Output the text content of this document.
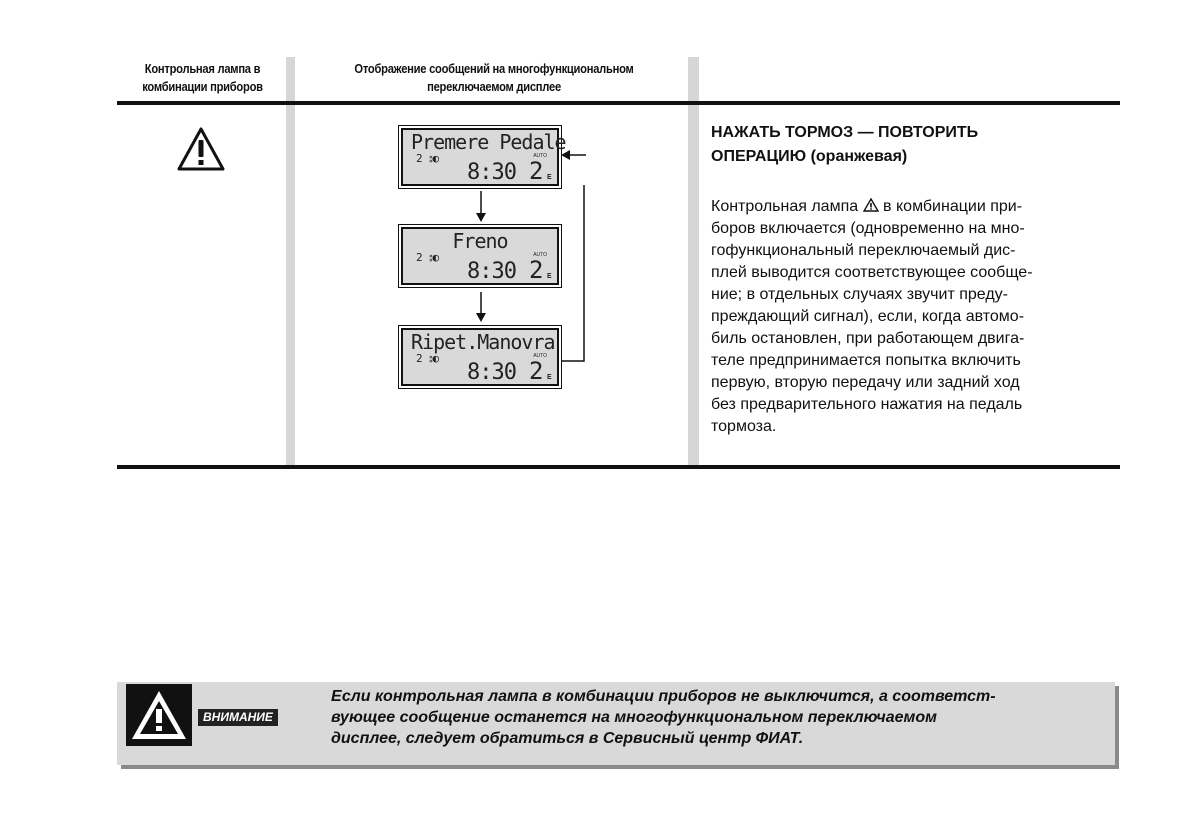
Контрольная лампа в
комбинации приборов
Отображение сообщений на многофункциональном
переключаемом дисплее
Premere Pedale
2 ⦂◐	AUTO
8:30 2 E
Freno
2 ⦂◐	AUTO
8:30 2 E
Ripet.Manovra
2 ⦂◐	AUTO
8:30 2 E
НАЖАТЬ ТОРМОЗ — ПОВТОРИТЬ
ОПЕРАЦИЮ (оранжевая)
Контрольная лампа  в комбинации при-
боров включается (одновременно на мно-
гофункциональный переключаемый дис-
плей выводится соответствующее сообще-
ние; в отдельных случаях звучит преду-
преждающий сигнал), если, когда автомо-
биль остановлен, при работающем двига-
теле предпринимается попытка включить
первую, вторую передачу или задний ход
без предварительного нажатия на педаль
тормоза.
ВНИМАНИЕ
Если контрольная лампа в комбинации приборов не выключится, а соответст-
вующее сообщение останется на многофункциональном переключаемом
дисплее, следует обратиться в Сервисный центр ФИАТ.
